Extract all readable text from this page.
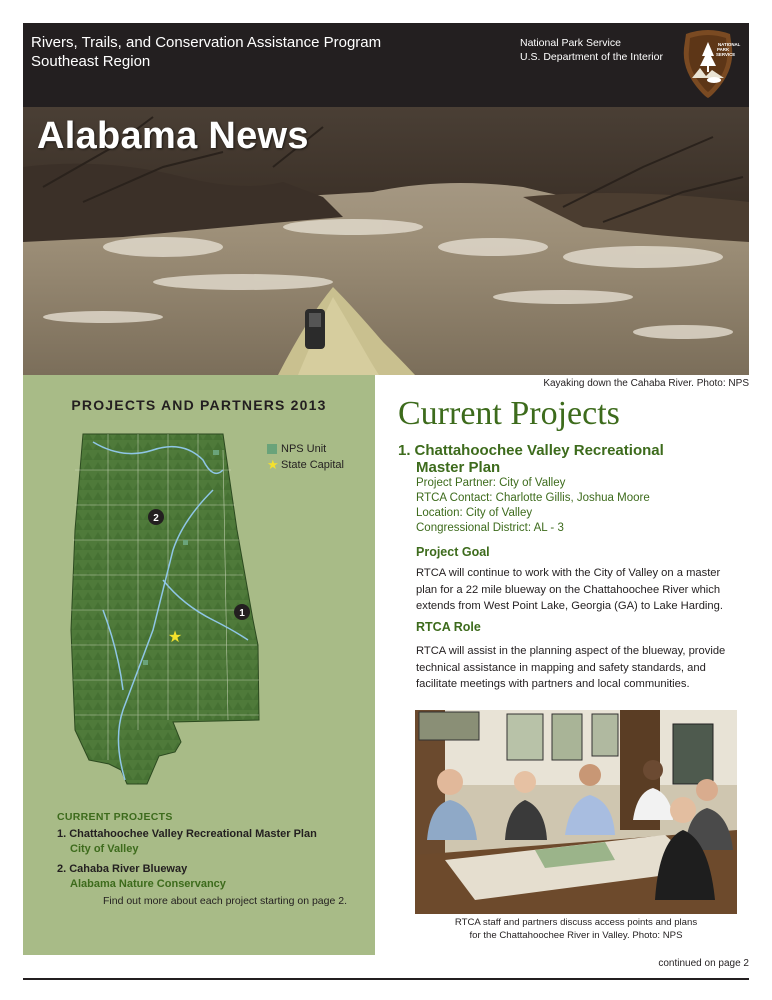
Rivers, Trails, and Conservation Assistance Program
Southeast Region
National Park Service
U.S. Department of the Interior
NATIONAL
PARK
SERVICE
Alabama News
Kayaking down the Cahaba River. Photo: NPS
PROJECTS AND PARTNERS 2013
★
2
1
NPS Unit
★ State Capital
CURRENT PROJECTS
1. Chattahoochee Valley Recreational Master Plan
City of Valley
2. Cahaba River Blueway
Alabama Nature Conservancy
Find out more about each project starting on page 2.
Current Projects
1. Chattahoochee Valley Recreational
Master Plan
Project Partner: City of Valley
RTCA Contact: Charlotte Gillis, Joshua Moore
Location: City of Valley
Congressional District: AL - 3
Project Goal
RTCA will continue to work with the City of Valley on a master
plan for a 22 mile blueway on the Chattahoochee River which
extends from West Point Lake, Georgia (GA) to Lake Harding.
RTCA Role
RTCA will assist in the planning aspect of the blueway, provide
technical assistance in mapping and safety standards, and
facilitate meetings with partners and local communities.
RTCA staff and partners discuss access points and plans
for the Chattahoochee River in Valley. Photo: NPS
continued on page 2
